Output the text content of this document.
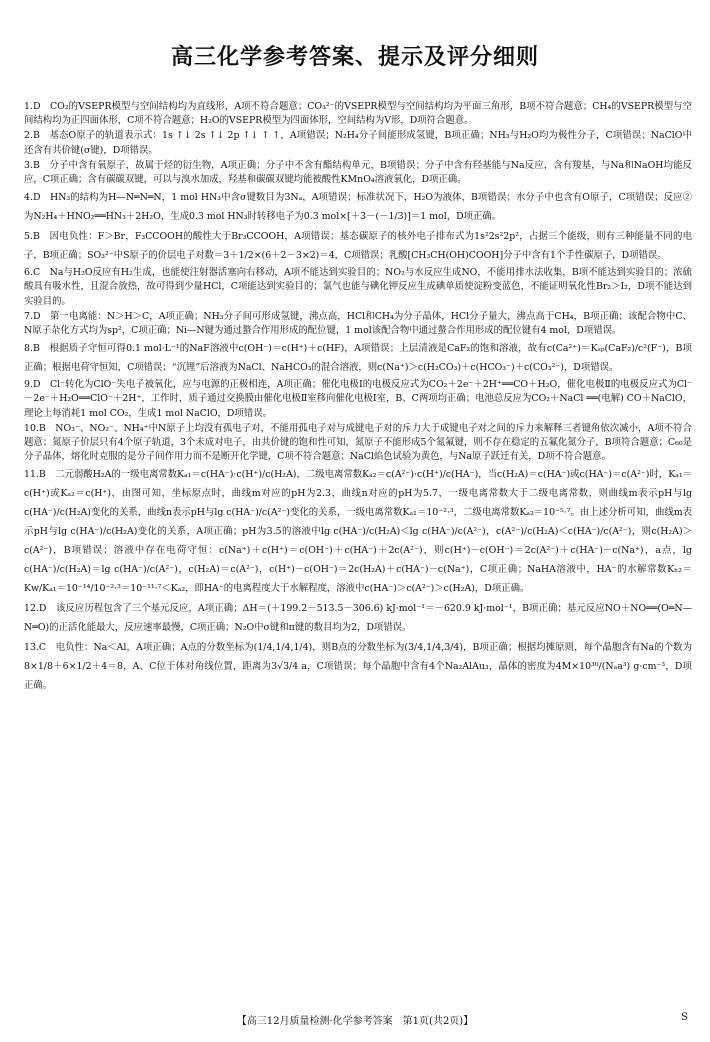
高三化学参考答案、提示及评分细则

1.D　CO₂的VSEPR模型与空间结构均为直线形，A项不符合题意；CO₃²⁻的VSEPR模型与空间结构均为平面三角形，B项不符合题意；CH₄的VSEPR模型与空间结构均为正四面体形，C项不符合题意；H₂O的VSEPR模型为四面体形，空间结构为V形，D项符合题意。

2.B　基态O原子的轨道表示式：1s ↑↓ 2s ↑↓ 2p ↑↓ ↑ ↑，A项错误；N₂H₄分子间能形成氢键，B项正确；NH₃与H₂O均为极性分子，C项错误；NaClO中还含有共价键(σ键)，D项错误。

3.B　分子中含有氧原子，故属于烃的衍生物，A项正确；分子中不含有酯结构单元，B项错误；分子中含有羟基能与Na反应，含有羧基，与Na和NaOH均能反应，C项正确；含有碳碳双键，可以与溴水加成，羟基和碳碳双键均能被酸性KMnO₄溶液氧化，D项正确。

4.D　HN₃的结构为H—N═N═N，1 mol HN₃中含σ键数目为3Nₐ，A项错误；标准状况下，H₂O为液体，B项错误；水分子中也含有O原子，C项错误；反应②为N₂H₄＋HNO₂══HN₃＋2H₂O，生成0.3 mol HN₃时转移电子为0.3 mol×[＋3－(－1/3)]＝1 mol，D项正确。

5.B　因电负性：F＞Br，F₃CCOOH的酸性大于Br₃CCOOH，A项错误；基态碳原子的核外电子排布式为1s²2s²2p²，占据三个能级，则有三种能量不同的电子，B项正确；SO₃²⁻中S原子的价层电子对数＝3＋1/2×(6＋2－3×2)＝4，C项错误；乳酸[CH₃CH(OH)COOH]分子中含有1个手性碳原子，D项错误。

6.C　Na与H₂O反应有H₂生成，也能使注射器活塞向右移动，A项不能达到实验目的；NO₂与水反应生成NO，不能用排水法收集，B项不能达到实验目的；浓硫酸具有吸水性，且混合放热，故可得到少量HCl，C项能达到实验目的；氯气也能与碘化钾反应生成碘单质使淀粉变蓝色，不能证明氧化性Br₂＞I₂，D项不能达到实验目的。

7.D　第一电离能：N＞H＞C，A项正确；NH₃分子间可形成氢键，沸点高，HCl和CH₄为分子晶体，HCl分子量大，沸点高于CH₄，B项正确；该配合物中C、N原子杂化方式均为sp²，C项正确；Ni—N键为通过螯合作用形成的配位键，1 mol该配合物中通过螯合作用形成的配位键有4 mol，D项错误。

8.B　根据质子守恒可得0.1 mol·L⁻¹的NaF溶液中c(OH⁻)＝c(H⁺)＋c(HF)，A项错误；上层清液是CaF₂的饱和溶液，故有c(Ca²⁺)＝Kₛₚ(CaF₂)/c²(F⁻)，B项正确；根据电荷守恒知，C项错误；“沉锂”后溶液为NaCl、NaHCO₃的混合溶液，则c(Na⁺)＞c(H₂CO₃)＋c(HCO₃⁻)＋c(CO₃²⁻)，D项错误。

9.D　Cl⁻转化为ClO⁻失电子被氧化，应与电源的正极相连，A项正确；催化电极Ⅰ的电极反应式为CO₂＋2e⁻＋2H⁺══CO＋H₂O，催化电极Ⅱ的电极反应式为Cl⁻－2e⁻＋H₂O══ClO⁻＋2H⁺，工作时，质子通过交换膜由催化电极Ⅱ室移向催化电极Ⅰ室，B、C两项均正确；电池总反应为CO₂＋NaCl ══(电解) CO＋NaClO，理论上每消耗1 mol CO₂，生成1 mol NaClO，D项错误。

10.B　NO₃⁻、NO₂⁻、NH₄⁺中N原子上均没有孤电子对，不能用孤电子对与成键电子对的斥力大于成键电子对之间的斥力来解释三者键角依次减小，A项不符合题意；氮原子价层只有4个原子轨道，3个未成对电子，由共价键的饱和性可知，氮原子不能形成5个氮氟键，则不存在稳定的五氟化氮分子，B项符合题意；C₆₀是分子晶体，熔化时克服的是分子间作用力而不是断开化学键，C项不符合题意；NaCl焰色试验为黄色，与Na原子跃迁有关，D项不符合题意。

11.B　二元弱酸H₂A的一级电离常数Kₐ₁＝c(HA⁻)·c(H⁺)/c(H₂A)，二级电离常数Kₐ₂＝c(A²⁻)·c(H⁺)/c(HA⁻)，当c(H₂A)＝c(HA⁻)或c(HA⁻)＝c(A²⁻)时，Kₐ₁＝c(H⁺)或Kₐ₂＝c(H⁺)，由图可知，坐标原点时，曲线m对应的pH为2.3，曲线n对应的pH为5.7，一级电离常数大于二级电离常数，则曲线m表示pH与lg c(HA⁻)/c(H₂A)变化的关系，曲线n表示pH与lg c(HA⁻)/c(A²⁻)变化的关系，一级电离常数Kₐ₁＝10⁻²·³，二级电离常数Kₐ₂＝10⁻⁵·⁷。由上述分析可知，曲线m表示pH与lg c(HA⁻)/c(H₂A)变化的关系，A项正确；pH为3.5的溶液中lg c(HA⁻)/c(H₂A)＜lg c(HA⁻)/c(A²⁻)，c(A²⁻)/c(H₂A)＜c(HA⁻)/c(A²⁻)，则c(H₂A)＞c(A²⁻)，B项错误；溶液中存在电荷守恒：c(Na⁺)＋c(H⁺)＝c(OH⁻)＋c(HA⁻)＋2c(A²⁻)，则c(H⁺)－c(OH⁻)＝2c(A²⁻)＋c(HA⁻)－c(Na⁺)，a点，lg c(HA⁻)/c(H₂A)＝lg c(HA⁻)/c(A²⁻)，c(H₂A)＝c(A²⁻)，c(H⁺)－c(OH⁻)＝2c(H₂A)＋c(HA⁻)－c(Na⁺)，C项正确；NaHA溶液中，HA⁻的水解常数Kₕ₂＝Kw/Kₐ₁＝10⁻¹⁴/10⁻²·³＝10⁻¹¹·⁷＜Kₐ₂，即HA⁻的电离程度大于水解程度，溶液中c(HA⁻)＞c(A²⁻)＞c(H₂A)，D项正确。

12.D　该反应历程包含了三个基元反应，A项正确；ΔH＝(＋199.2－513.5－306.6) kJ·mol⁻¹＝－620.9 kJ·mol⁻¹，B项正确；基元反应NO＋NO══(O═N—N═O)的正活化能最大，反应速率最慢，C项正确；N₂O中σ键和π键的数目均为2，D项错误。

13.C　电负性：Na＜Al，A项正确；A点的分数坐标为(1/4,1/4,1/4)，则B点的分数坐标为(3/4,1/4,3/4)，B项正确；根据均摊原则，每个晶胞含有Na的个数为8×1/8＋6×1/2＋4＝8，A、C位于体对角线位置，距离为3√3/4 a，C项错误；每个晶胞中含有4个Na₂AlAu₃，晶体的密度为4M×10³⁰/(Nₐa³) g·cm⁻³，D项正确。

【高三12月质量检测·化学参考答案　第1页(共2页)】	S
